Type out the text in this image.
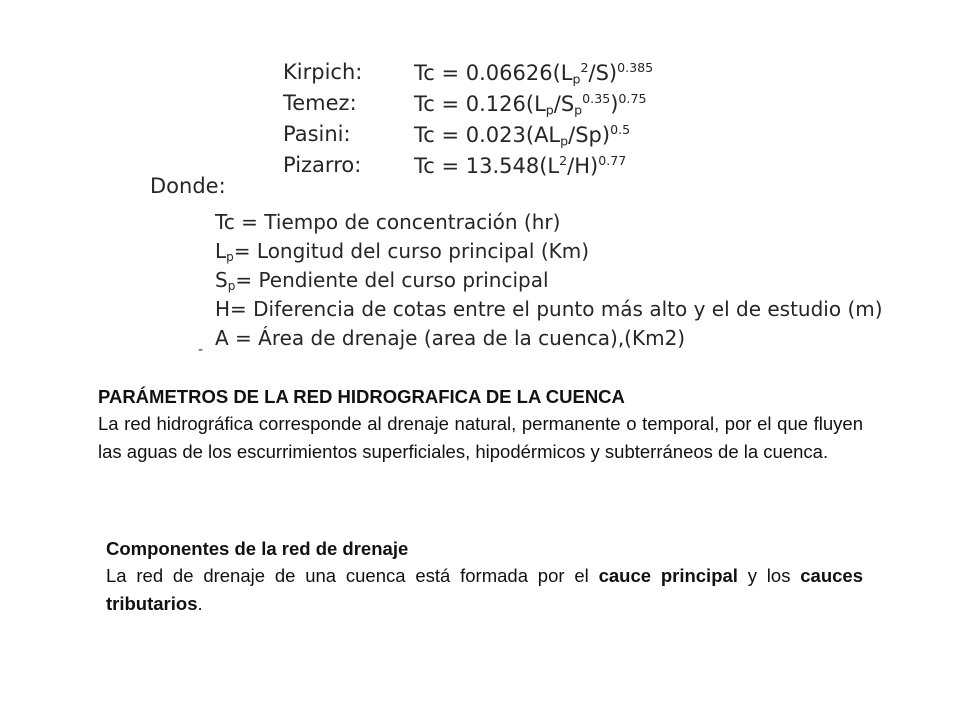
Kirpich: $Tc = 0.06626(L_p^2/S)^{0.385}$
Temez:	$Tc = 0.126(L_p/S_p^{0.35})^{0.75}$
Pasini:	$Tc = 0.023(AL_p/Sp)^{0.5}$
Pizarro:	$Tc = 13.548(L^2/H)^{0.77}$
Donde:
Tc = Tiempo de concentración (hr)
$L_p=$ Longitud del curso principal (Km)
$S_p=$ Pendiente del curso principal
H= Diferencia de cotas entre el punto más alto y el de estudio (m)
A = Área de drenaje (area de la cuenca),(Km2)
-
PARÁMETROS DE LA RED HIDROGRAFICA DE LA CUENCA
La red hidrográfica corresponde al drenaje natural, permanente o temporal, por el que fluyen las aguas de los escurrimientos superficiales, hipodérmicos y subterráneos de la cuenca.
Componentes de la red de drenaje
La red de drenaje de una cuenca está formada por el cauce principal y los cauces tributarios.
